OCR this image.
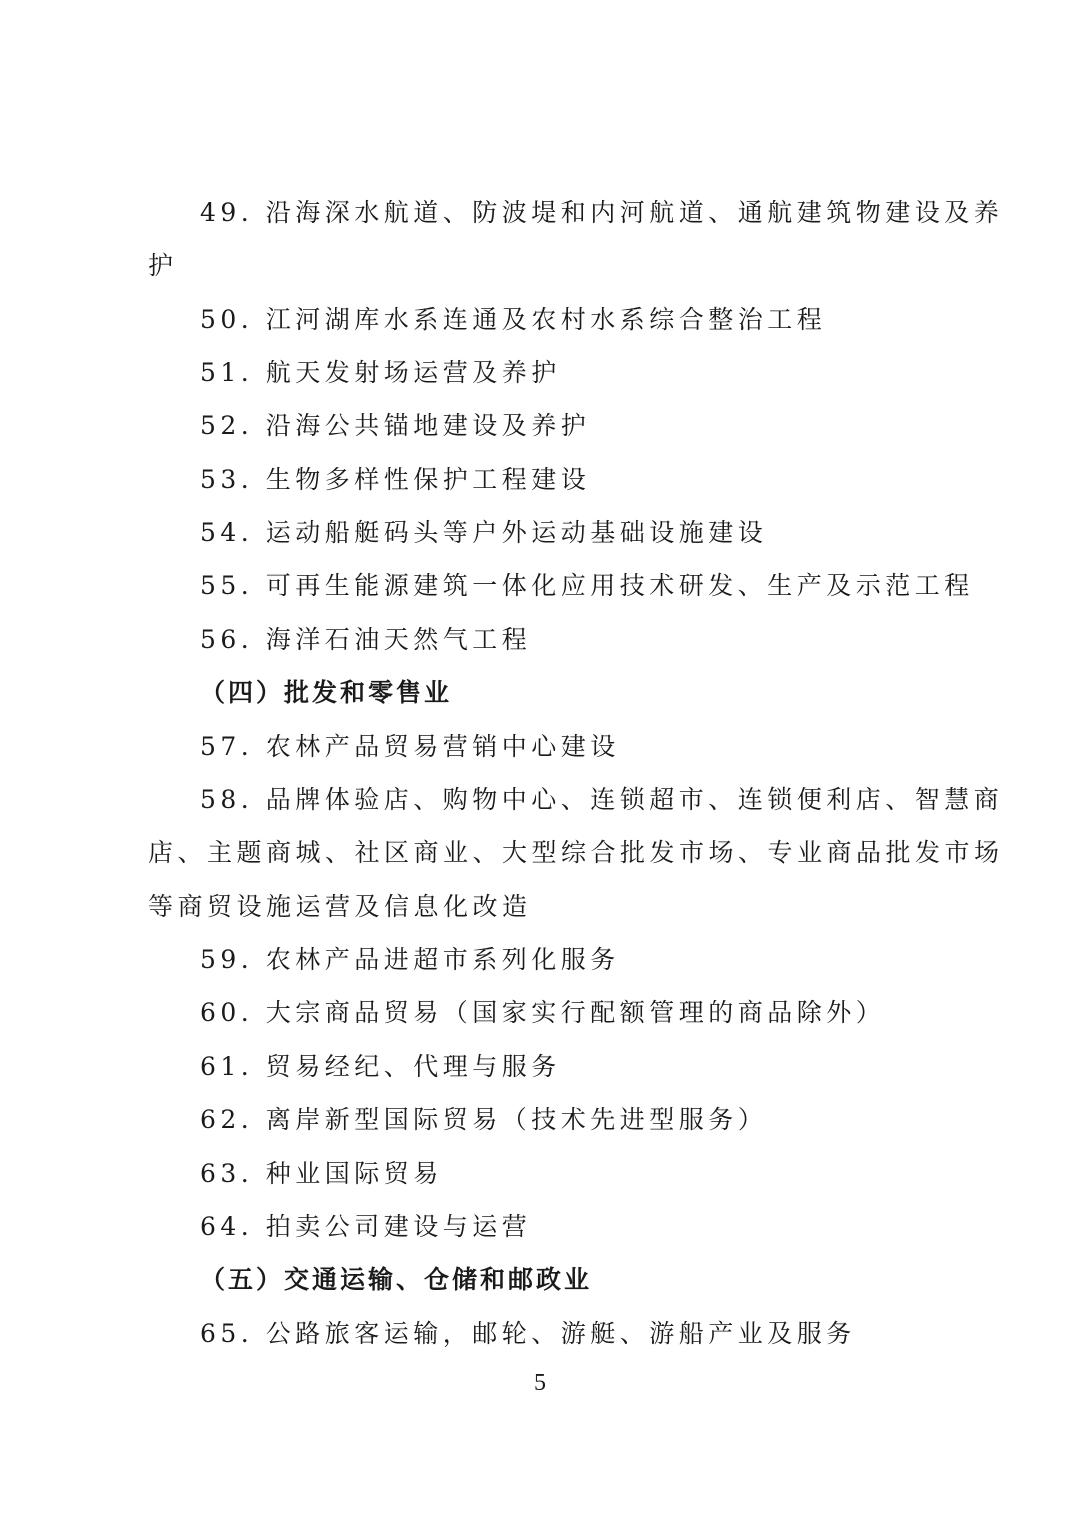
49. 沿海深水航道、防波堤和内河航道、通航建筑物建设及养
护
50. 江河湖库水系连通及农村水系综合整治工程
51. 航天发射场运营及养护
52. 沿海公共锚地建设及养护
53. 生物多样性保护工程建设
54. 运动船艇码头等户外运动基础设施建设
55. 可再生能源建筑一体化应用技术研发、生产及示范工程
56. 海洋石油天然气工程
（四）批发和零售业
57. 农林产品贸易营销中心建设
58. 品牌体验店、购物中心、连锁超市、连锁便利店、智慧商
店、主题商城、社区商业、大型综合批发市场、专业商品批发市场
等商贸设施运营及信息化改造
59. 农林产品进超市系列化服务
60. 大宗商品贸易（国家实行配额管理的商品除外）
61. 贸易经纪、代理与服务
62. 离岸新型国际贸易（技术先进型服务）
63. 种业国际贸易
64. 拍卖公司建设与运营
（五）交通运输、仓储和邮政业
65. 公路旅客运输，邮轮、游艇、游船产业及服务
5
